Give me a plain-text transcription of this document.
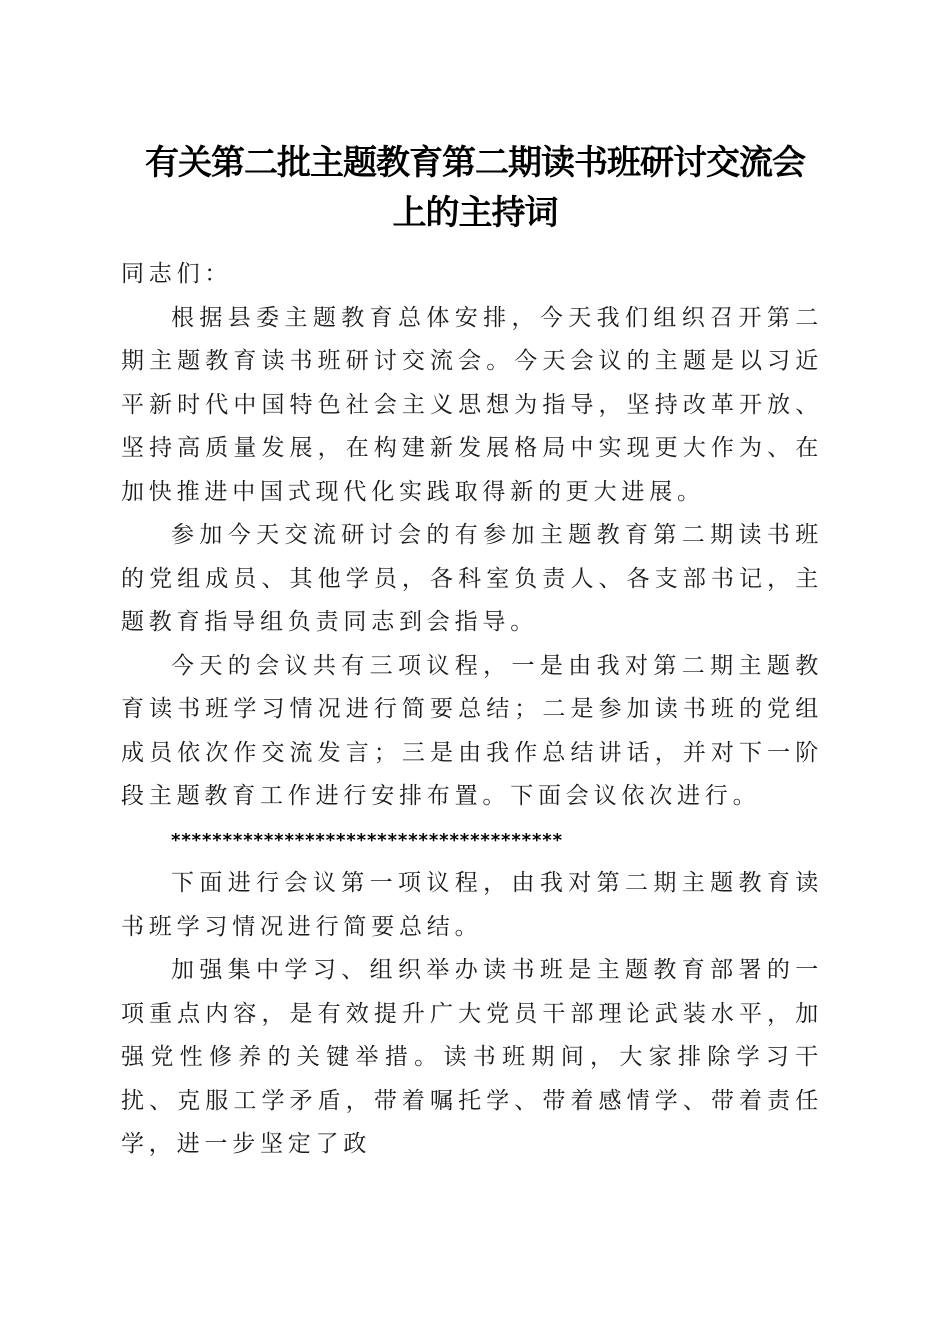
有关第二批主题教育第二期读书班研讨交流会
上的主持词

同志们：

根据县委主题教育总体安排，今天我们组织召开第二期主题教育读书班研讨交流会。今天会议的主题是以习近平新时代中国特色社会主义思想为指导，坚持改革开放、坚持高质量发展，在构建新发展格局中实现更大作为、在加快推进中国式现代化实践取得新的更大进展。

参加今天交流研讨会的有参加主题教育第二期读书班的党组成员、其他学员，各科室负责人、各支部书记，主题教育指导组负责同志到会指导。

今天的会议共有三项议程，一是由我对第二期主题教育读书班学习情况进行简要总结；二是参加读书班的党组成员依次作交流发言；三是由我作总结讲话，并对下一阶段主题教育工作进行安排布置。下面会议依次进行。

**************************************

下面进行会议第一项议程，由我对第二期主题教育读书班学习情况进行简要总结。

加强集中学习、组织举办读书班是主题教育部署的一项重点内容，是有效提升广大党员干部理论武装水平，加强党性修养的关键举措。读书班期间，大家排除学习干扰、克服工学矛盾，带着嘱托学、带着感情学、带着责任学，进一步坚定了政
